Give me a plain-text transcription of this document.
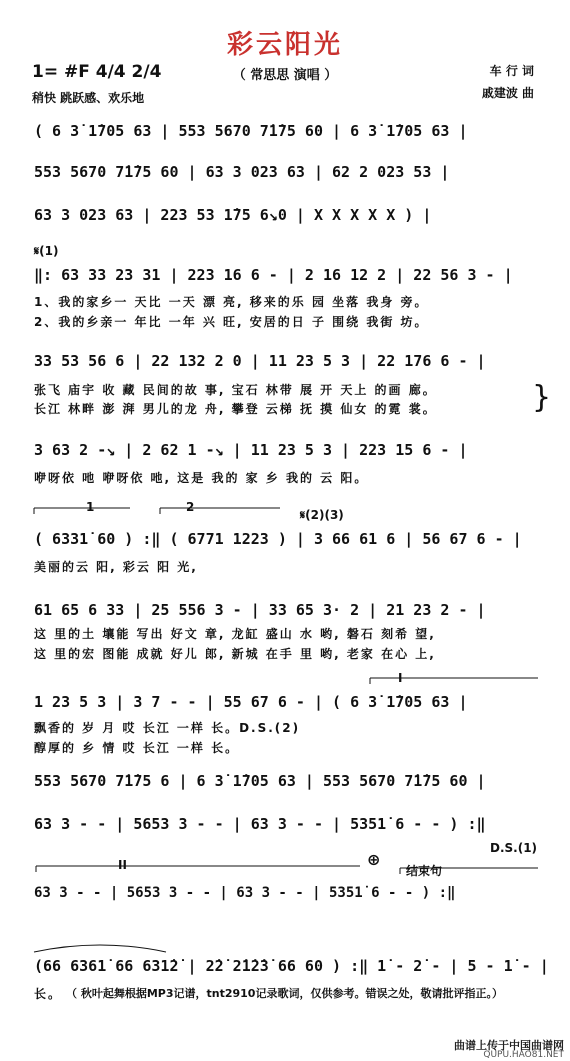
彩云阳光
（ 常思思 演唱 ）
1= #F 4/4 2/4
稍快 跳跃感、欢乐地
车 行 词
戚建波 曲
( 6 3̇ 1̇705 63 | 553 5670 7̇1̇75 60 | 6 3̇ 1̇705 63 |
553 5670 7̇1̇75 60 | 63 3 023 63 | 62 2 023 53 |
63 3 023 63 | 223 53 1̇75 6↘0 | X X X X X ) |
𝄋(1)
‖: 63 33 23 31 | 223 16 6 - | 2 16 12 2 | 22 56 3 - |
1、我的家乡一 天比 一天 漂 亮, 移来的乐 园 坐落 我身 旁。
2、我的乡亲一 年比 一年 兴 旺, 安居的日 子 围绕 我街 坊。
33 53 56 6 | 22 132 2 0 | 11 23 5 3 | 22 176 6 - |
张飞 庙宇 收 藏 民间的故 事, 宝石 林带 展 开 天上 的画 廊。
长江 林畔 澎 湃 男儿的龙 舟, 攀登 云梯 抚 摸 仙女 的霓 裳。	}
3 63 2 -↘ | 2 62 1 -↘ | 11 23 5 3 | 223 15 6 - |
咿呀依 吔 咿呀依 吔, 这是 我的 家 乡 我的 云 阳。
1	2
𝄋(2)(3)
( 6331̇ 60 ) :‖ ( 6771 1223 ) | 3 66 61 6 | 56 67 6 - |
美丽的云 阳, 彩云 阳 光,
61 65 6 33 | 25 556 3 - | 33 65 3· 2 | 21 23 2 - |
这 里的土 壤能 写出 好文 章, 龙缸 盛山 水 哟, 磐石 刻希 望,
这 里的宏 图能 成就 好儿 郎, 新城 在手 里 哟, 老家 在心 上,
I
1 23 5 3 | 3 7 - - | 55 67 6 - | ( 6 3̇ 1̇705 63 |
飘香的 岁 月 哎 长江 一样 长。D.S.(2)
醇厚的 乡 情 哎 长江 一样 长。
553 5670 7̇1̇75 6 | 6 3̇ 1̇705 63 | 553 5670 7̇1̇75 60 |
63 3 - - | 5653 3 - - | 63 3 - - | 5351̇ 6 - - ) :‖
D.S.(1)
II	⊕
结束句
63 3 - - | 5653 3 - - | 63 3 - - | 5351̇ 6 - - ) :‖
(66 6361̇ 66 631̇2̇ | 2̇2̇ 2̇1̇2̇3̇ 66 60 ) :‖ 1̇ - 2̇ - | 5 - 1̇ - |
长。 （ 秋叶起舞根据MP3记谱，tnt2910记录歌词，仅供参考。错误之处，敬请批评指正。）
曲谱上传于中国曲谱网
QUPU.HAO81.NET
